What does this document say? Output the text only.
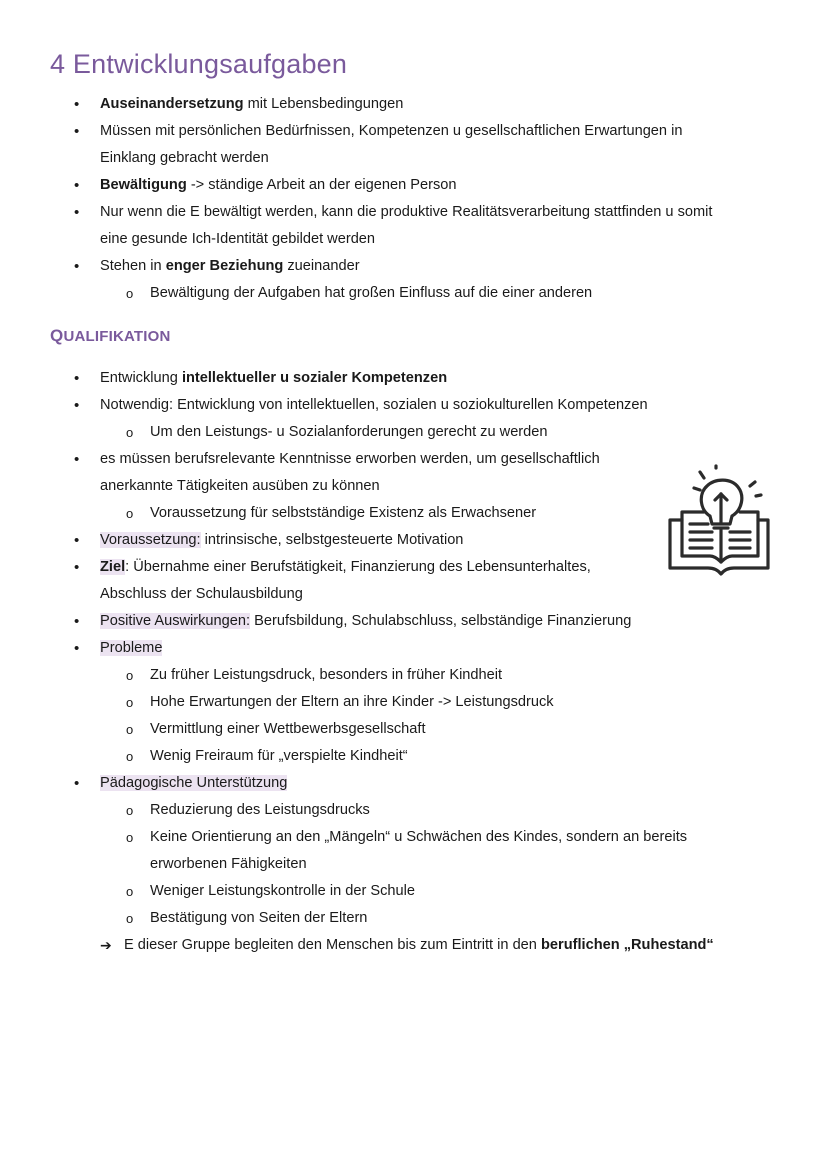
4 Entwicklungsaufgaben
• Auseinandersetzung mit Lebensbedingungen
• Müssen mit persönlichen Bedürfnissen, Kompetenzen u gesellschaftlichen Erwartungen in
Einklang gebracht werden
• Bewältigung -> ständige Arbeit an der eigenen Person
• Nur wenn die E bewältigt werden, kann die produktive Realitätsverarbeitung stattfinden u somit
eine gesunde Ich-Identität gebildet werden
• Stehen in enger Beziehung zueinander
o Bewältigung der Aufgaben hat großen Einfluss auf die einer anderen
QUALIFIKATION
• Entwicklung intellektueller u sozialer Kompetenzen
• Notwendig: Entwicklung von intellektuellen, sozialen u soziokulturellen Kompetenzen
o Um den Leistungs- u Sozialanforderungen gerecht zu werden
• es müssen berufsrelevante Kenntnisse erworben werden, um gesellschaftlich
anerkannte Tätigkeiten ausüben zu können
o Voraussetzung für selbstständige Existenz als Erwachsener
• Voraussetzung: intrinsische, selbstgesteuerte Motivation
• Ziel: Übernahme einer Berufstätigkeit, Finanzierung des Lebensunterhaltes,
Abschluss der Schulausbildung
• Positive Auswirkungen: Berufsbildung, Schulabschluss, selbständige Finanzierung
• Probleme
o Zu früher Leistungsdruck, besonders in früher Kindheit
o Hohe Erwartungen der Eltern an ihre Kinder -> Leistungsdruck
o Vermittlung einer Wettbewerbsgesellschaft
o Wenig Freiraum für „verspielte Kindheit“
• Pädagogische Unterstützung
o Reduzierung des Leistungsdrucks
o Keine Orientierung an den „Mängeln“ u Schwächen des Kindes, sondern an bereits
erworbenen Fähigkeiten
o Weniger Leistungskontrolle in der Schule
o Bestätigung von Seiten der Eltern
➔ E dieser Gruppe begleiten den Menschen bis zum Eintritt in den beruflichen „Ruhestand“
